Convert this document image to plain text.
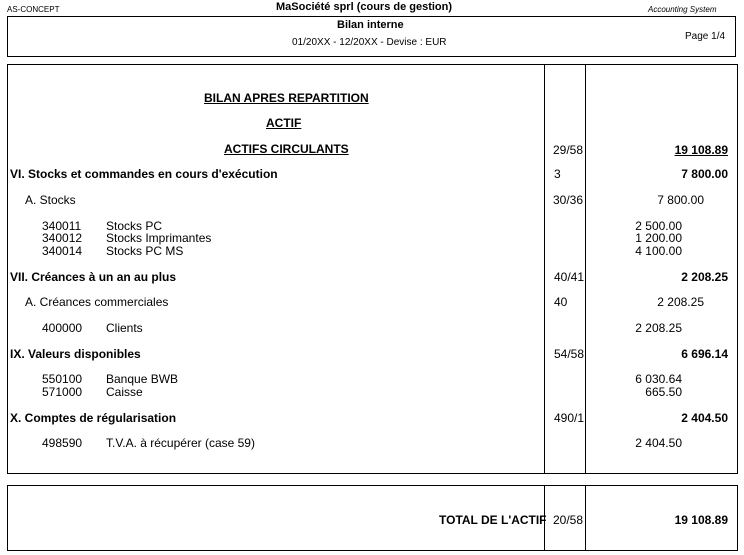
AS-CONCEPT	MaSociété sprl (cours de gestion)	Accounting System
Bilan interne
01/20XX - 12/20XX - Devise : EUR
Page 1/4
BILAN APRES REPARTITION
ACTIF
ACTIFS CIRCULANTS	29/58	19 108.89
VI. Stocks et commandes en cours d'exécution	3	7 800.00
A. Stocks	30/36	7 800.00
340011 Stocks PC	2 500.00
340012 Stocks Imprimantes	1 200.00
340014 Stocks PC MS	4 100.00
VII. Créances à un an au plus	40/41	2 208.25
A. Créances commerciales	40	2 208.25
400000 Clients	2 208.25
IX. Valeurs disponibles	54/58	6 696.14
550100 Banque BWB	6 030.64
571000 Caisse	665.50
X. Comptes de régularisation	490/1	2 404.50
498590 T.V.A. à récupérer (case 59)	2 404.50
TOTAL DE L'ACTIF 20/58	19 108.89
